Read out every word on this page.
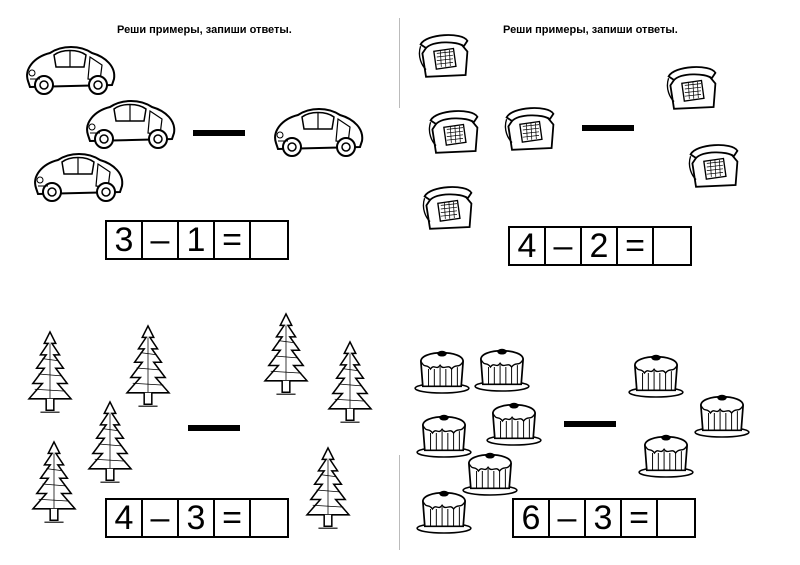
Реши примеры, запиши ответы.
3 – 1 =
Реши примеры, запиши ответы.
4 – 2 =
4 – 3 =	6 – 3 =
